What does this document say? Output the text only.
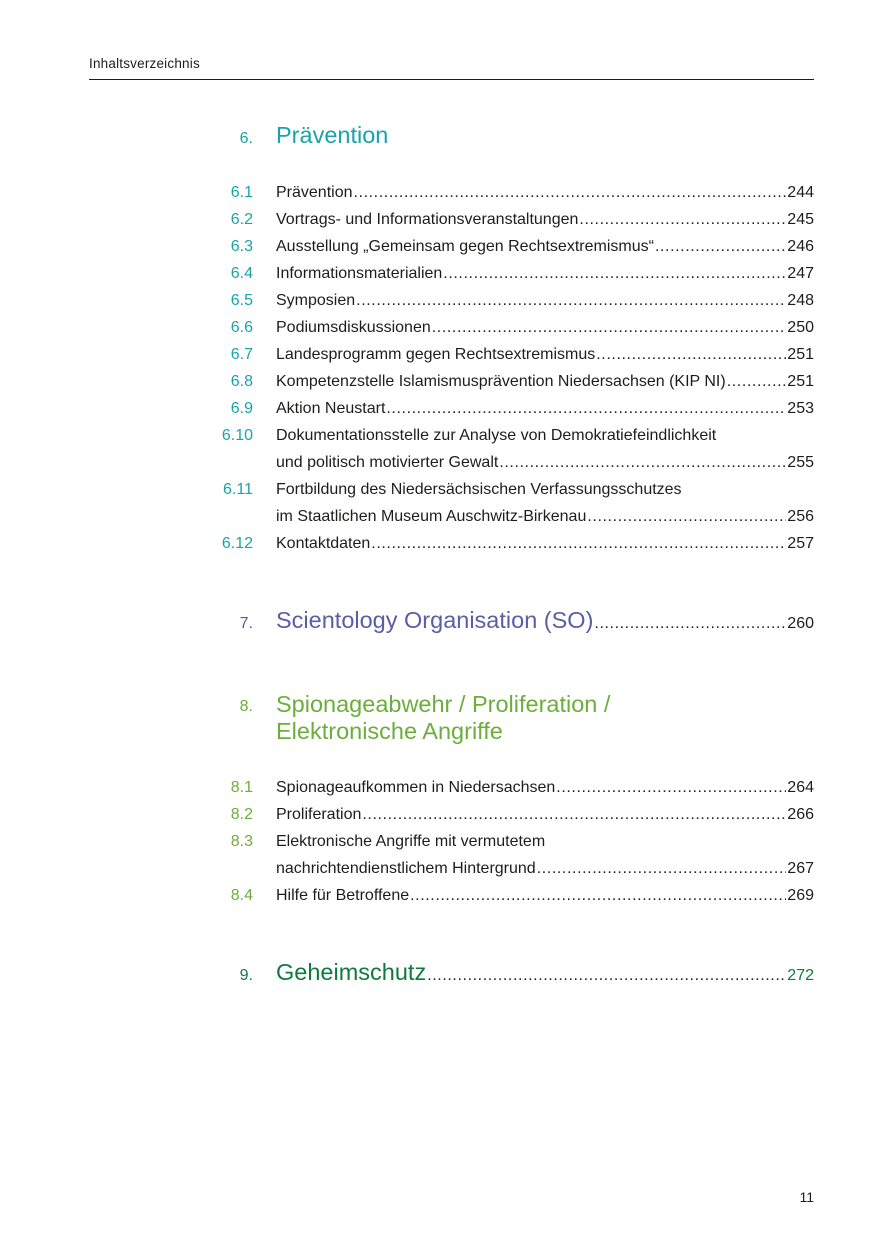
Inhaltsverzeichnis
6. Prävention
6.1 Prävention .....	244
6.2 Vortrags- und Informationsveranstaltungen .....	245
6.3 Ausstellung „Gemeinsam gegen Rechtsextremismus“ .....	246
6.4 Informationsmaterialien .....	247
6.5 Symposien .....	248
6.6 Podiumsdiskussionen .....	250
6.7 Landesprogramm gegen Rechtsextremismus .....	251
6.8 Kompetenzstelle Islamismusprävention Niedersachsen (KIP NI) .....	251
6.9 Aktion Neustart .....	253
6.10 Dokumentationsstelle zur Analyse von Demokratiefeindlichkeit
und politisch motivierter Gewalt .....	255
6.11 Fortbildung des Niedersächsischen Verfassungsschutzes
im Staatlichen Museum Auschwitz-Birkenau .....	256
6.12 Kontaktdaten .....	257
7. Scientology Organisation (SO) .....	260
8. Spionageabwehr / Proliferation /
Elektronische Angriffe
8.1 Spionageaufkommen in Niedersachsen .....	264
8.2 Proliferation .....	266
8.3 Elektronische Angriffe mit vermutetem
nachrichtendienstlichem Hintergrund .....	267
8.4 Hilfe für Betroffene .....	269
9. Geheimschutz .....	272
11
